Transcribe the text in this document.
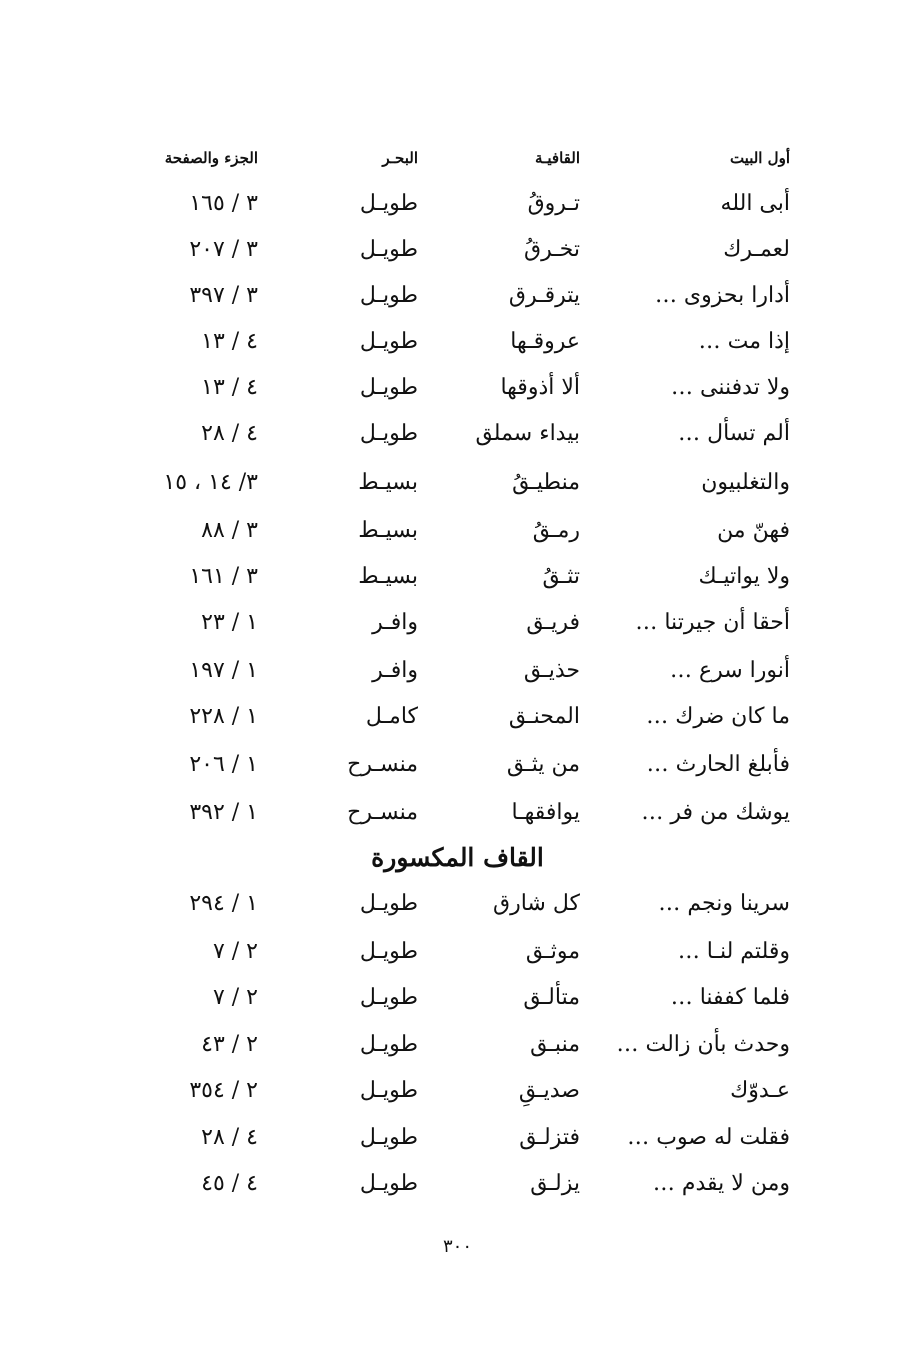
أول البيت
القافيـة
البحـر
الجزء والصفحة
أبى الله
تـروقُ
طويـل
٣ / ١٦٥
لعمـرك
تخـرقُ
طويـل
٣ / ٢٠٧
أدارا بحزوى …
يترقـرق
طويـل
٣ / ٣٩٧
إذا مت …
عروقـها
طويـل
٤ / ١٣
ولا تدفننى …
ألا أذوقها
طويـل
٤ / ١٣
ألم تسأل …
بيداء سملق
طويـل
٤ / ٢٨
والتغلبيون
منطيـقُ
بسيـط
٣/ ١٤ ، ١٥
فهنّ من
رمـقُ
بسيـط
٣ / ٨٨
ولا يواتيـك
تثـقُ
بسيـط
٣ / ١٦١
أحقا أن جيرتنا …
فريـق
وافـر
١ / ٢٣
أنورا سرع …
حذيـق
وافـر
١ / ١٩٧
ما كان ضرك …
المحنـق
كامـل
١ / ٢٢٨
فأبلغ الحارث …
من يثـق
منسـرح
١ / ٢٠٦
يوشك من فر …
يوافقهـا
منسـرح
١ / ٣٩٢
القاف المكسورة
سرينا ونجم …
كل شارق
طويـل
١ / ٢٩٤
وقلتم لنـا …
موثـق
طويـل
٢ / ٧
فلما كففنا …
متألـق
طويـل
٢ / ٧
وحدث بأن زالت …
منبـق
طويـل
٢ / ٤٣
عـدوّك
صديـقِ
طويـل
٢ / ٣٥٤
فقلت له صوب …
فتزلـق
طويـل
٤ / ٢٨
ومن لا يقدم …
يزلـق
طويـل
٤ / ٤٥
٣٠٠
